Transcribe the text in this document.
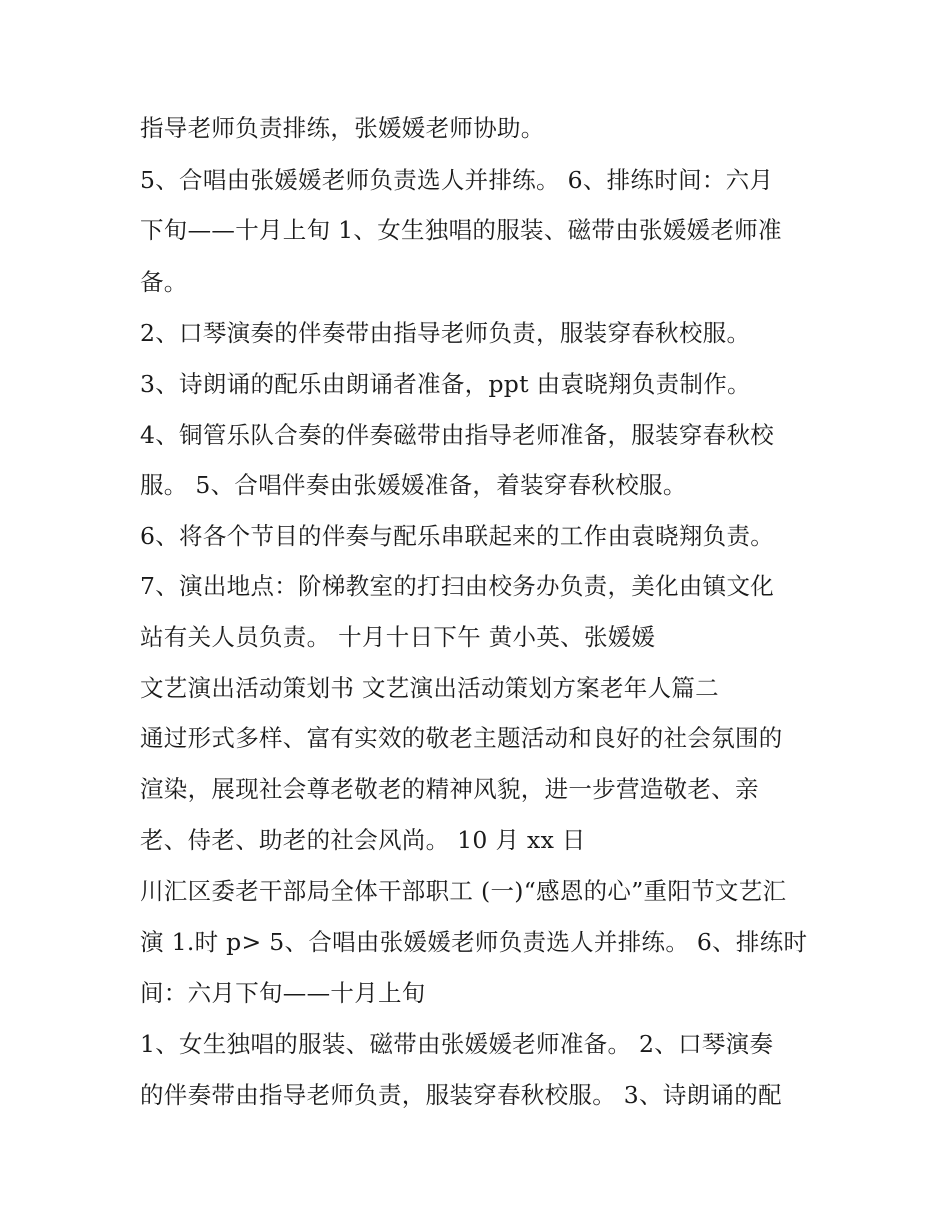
指导老师负责排练，张媛媛老师协助。
5、合唱由张媛媛老师负责选人并排练。 6、排练时间：六月
下旬——十月上旬 1、女生独唱的服装、磁带由张媛媛老师准
备。
2、口琴演奏的伴奏带由指导老师负责，服装穿春秋校服。
3、诗朗诵的配乐由朗诵者准备，ppt 由袁晓翔负责制作。
4、铜管乐队合奏的伴奏磁带由指导老师准备，服装穿春秋校
服。 5、合唱伴奏由张媛媛准备，着装穿春秋校服。
6、将各个节目的伴奏与配乐串联起来的工作由袁晓翔负责。
7、演出地点：阶梯教室的打扫由校务办负责，美化由镇文化
站有关人员负责。 十月十日下午 黄小英、张媛媛
文艺演出活动策划书 文艺演出活动策划方案老年人篇二
通过形式多样、富有实效的敬老主题活动和良好的社会氛围的
渲染，展现社会尊老敬老的精神风貌，进一步营造敬老、亲
老、侍老、助老的社会风尚。 10 月 xx 日
川汇区委老干部局全体干部职工 (一)“感恩的心”重阳节文艺汇
演 1.时 p> 5、合唱由张媛媛老师负责选人并排练。 6、排练时
间：六月下旬——十月上旬
1、女生独唱的服装、磁带由张媛媛老师准备。 2、口琴演奏
的伴奏带由指导老师负责，服装穿春秋校服。 3、诗朗诵的配
